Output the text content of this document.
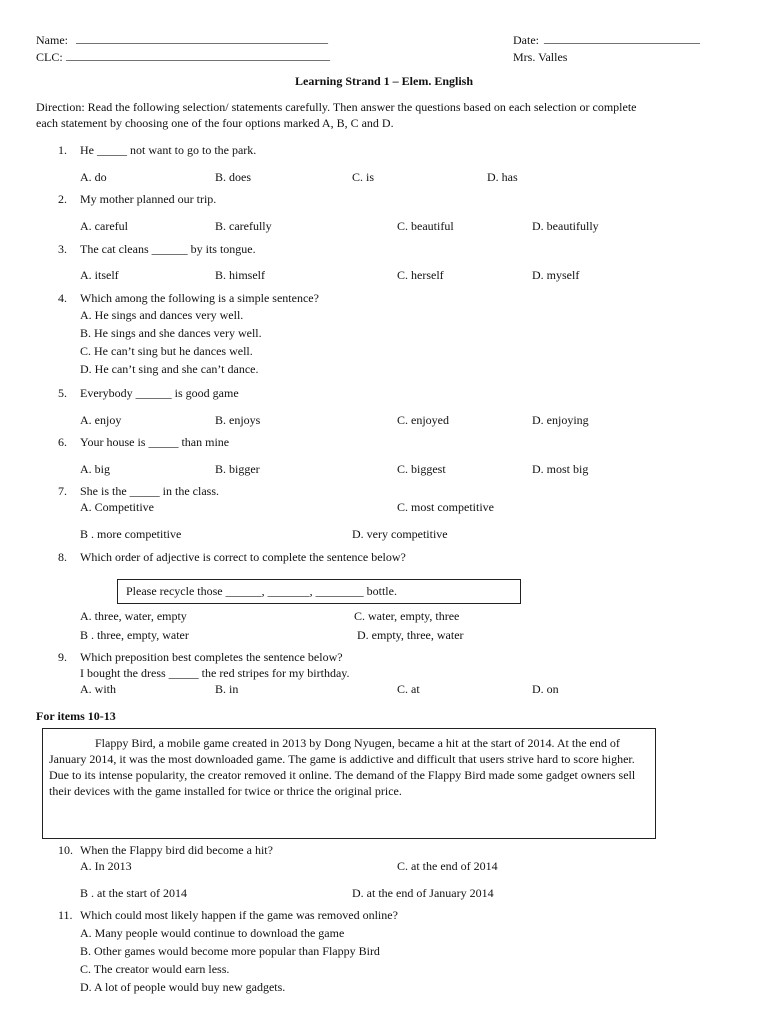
Name: __________________________________________
CLC: ____________________________________________
Date: __________________________
Mrs. Valles
Learning Strand 1 – Elem. English
Direction: Read the following selection/ statements carefully. Then answer the questions based on each selection or complete
each statement by choosing one of the four options marked A, B, C and D.
1. He _____ not want to go to the park.
A. do	B. does	C. is	D. has
2. My mother planned our trip.
A. careful	B. carefully	C. beautiful	D. beautifully
3. The cat cleans ______ by its tongue.
A. itself	B. himself	C. herself	D. myself
4. Which among the following is a simple sentence?
A. He sings and dances very well.
B. He sings and she dances very well.
C. He can’t sing but he dances well.
D. He can’t sing and she can’t dance.
5. Everybody ______ is good game
A. enjoy	B. enjoys	C. enjoyed	D. enjoying
6. Your house is _____ than mine
A. big	B. bigger	C. biggest	D. most big
7. She is the _____ in the class.
A. Competitive	C. most competitive
B . more competitive	D. very competitive
8. Which order of adjective is correct to complete the sentence below?
Please recycle those ______, _______, ________ bottle.
A. three, water, empty	C. water, empty, three
B . three, empty, water	D. empty, three, water
9. Which preposition best completes the sentence below?
I bought the dress _____ the red stripes for my birthday.
A. with	B. in	C. at	D. on
For items 10-13
Flappy Bird, a mobile game created in 2013 by Dong Nyugen, became a hit at the start of 2014. At the end of January 2014, it was the most downloaded game. The game is addictive and difficult that users strive hard to score higher. Due to its intense popularity, the creator removed it online. The demand of the Flappy Bird made some gadget owners sell their devices with the game installed for twice or thrice the original price.
10. When the Flappy bird did become a hit?
A. In 2013	C. at the end of 2014
B . at the start of 2014	D. at the end of January 2014
11. Which could most likely happen if the game was removed online?
A. Many people would continue to download the game
B. Other games would become more popular than Flappy Bird
C. The creator would earn less.
D. A lot of people would buy new gadgets.
